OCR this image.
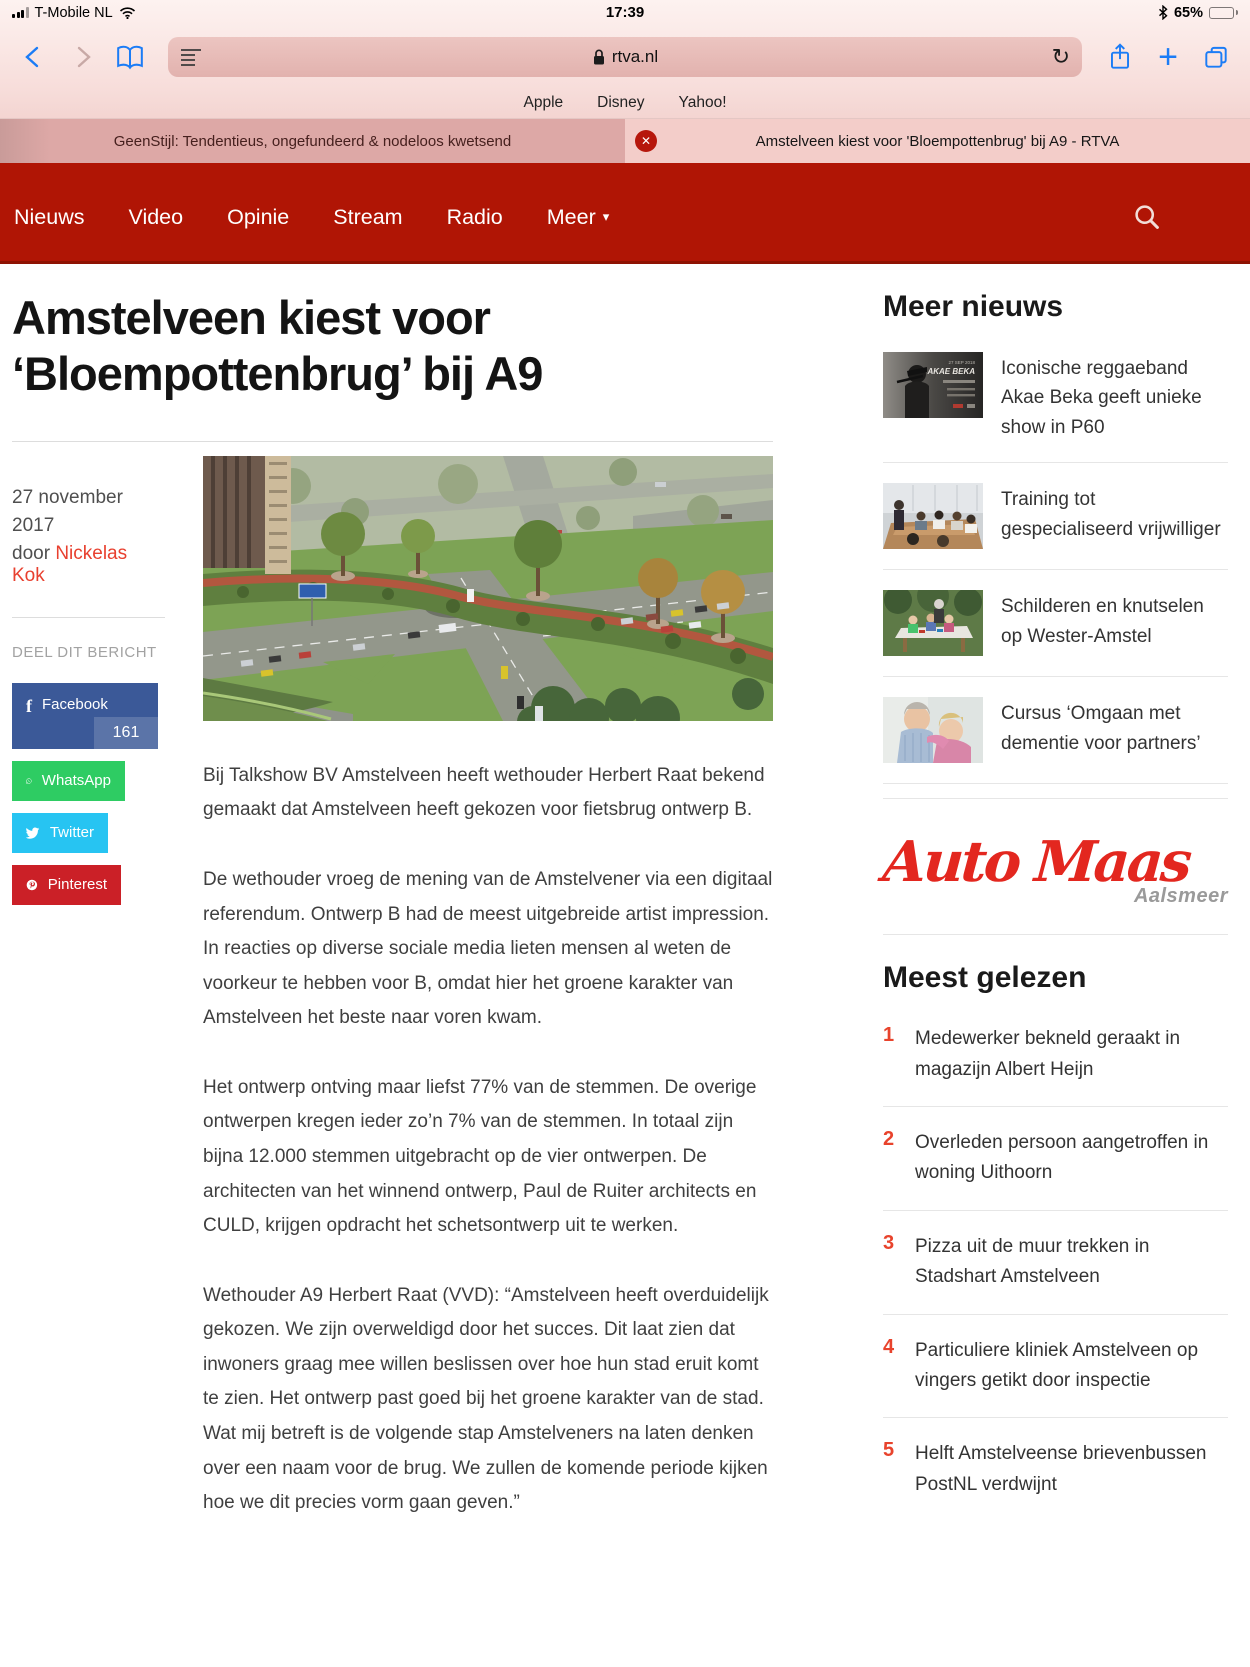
T-Mobile NL	17:39	65%
rtva.nl	↻	+
Apple Disney Yahoo!
GeenStijl: Tendentieus, ongefundeerd & nodeloos kwetsend	✕	Amstelveen kiest voor 'Bloempottenbrug' bij A9 - RTVA
Nieuws Video Opinie Stream Radio Meer ▾
Amstelveen kiest voor ‘Bloempottenbrug’ bij A9
27 november 2017
door Nickelas Kok
DEEL DIT BERICHT
f Facebook
161
WhatsApp
Twitter
Pinterest

Bij Talkshow BV Amstelveen heeft wethouder Herbert Raat bekend gemaakt dat Amstelveen heeft gekozen voor fietsbrug ontwerp B.

De wethouder vroeg de mening van de Amstelvener via een digitaal referendum. Ontwerp B had de meest uitgebreide artist impression. In reacties op diverse sociale media lieten mensen al weten de voorkeur te hebben voor B, omdat hier het groene karakter van Amstelveen het beste naar voren kwam.

Het ontwerp ontving maar liefst 77% van de stemmen. De overige ontwerpen kregen ieder zo’n 7% van de stemmen. In totaal zijn bijna 12.000 stemmen uitgebracht op de vier ontwerpen. De architecten van het winnend ontwerp, Paul de Ruiter architects en CULD, krijgen opdracht het schetsontwerp uit te werken.

Wethouder A9 Herbert Raat (VVD): “Amstelveen heeft overduidelijk gekozen. We zijn overweldigd door het succes. Dit laat zien dat inwoners graag mee willen beslissen over hoe hun stad eruit komt te zien. Het ontwerp past goed bij het groene karakter van de stad. Wat mij betreft is de volgende stap Amstelveners na laten denken over een naam voor de brug. We zullen de komende periode kijken hoe we dit precies vorm gaan geven.”

Meer nieuws
AKAE BEKA
27 SEP 2018 Iconische reggaeband Akae Beka geeft unieke show in P60
Training tot gespecialiseerd vrijwilliger
Schilderen en knutselen op Wester-Amstel
Cursus ‘Omgaan met dementie voor partners’
Auto Maas
Aalsmeer
Meest gelezen
1 Medewerker bekneld geraakt in magazijn Albert Heijn
2 Overleden persoon aangetroffen in woning Uithoorn
3 Pizza uit de muur trekken in Stadshart Amstelveen
4 Particuliere kliniek Amstelveen op vingers getikt door inspectie
5 Helft Amstelveense brievenbussen PostNL verdwijnt
